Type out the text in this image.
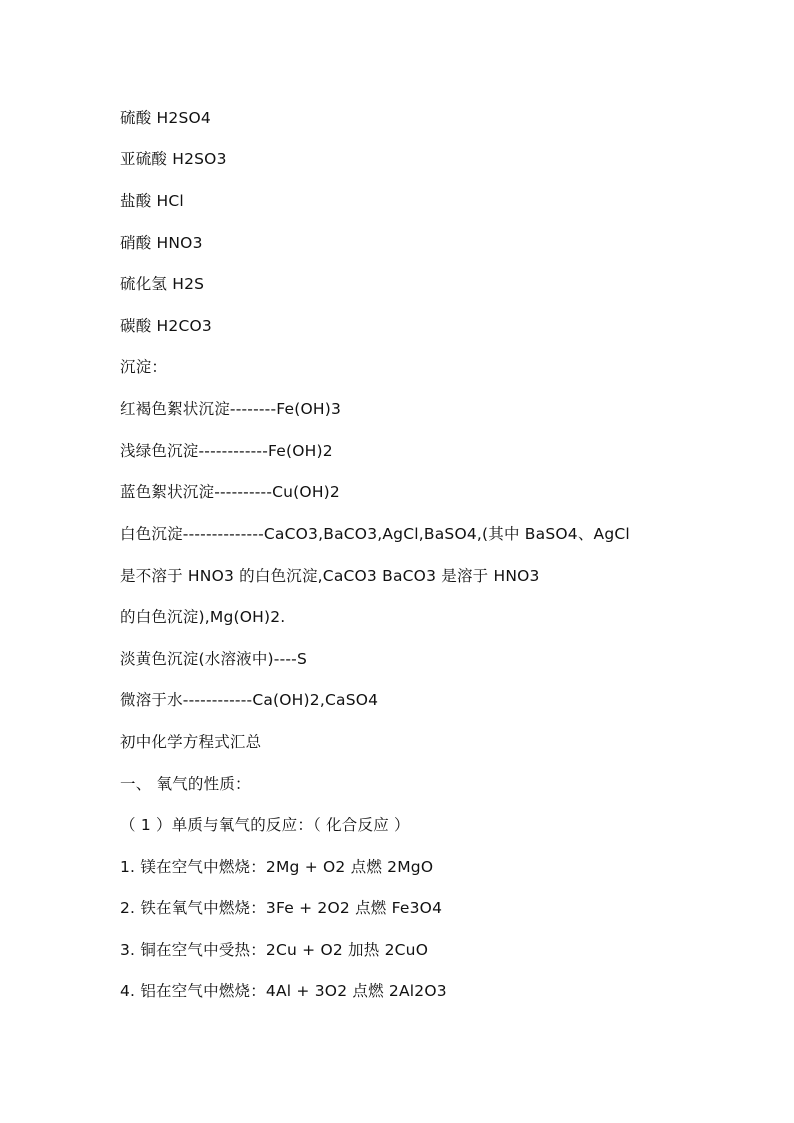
硫酸 H2SO4
亚硫酸 H2SO3
盐酸 HCl
硝酸 HNO3
硫化氢 H2S
碳酸 H2CO3
沉淀：
红褐色絮状沉淀--------Fe(OH)3
浅绿色沉淀------------Fe(OH)2
蓝色絮状沉淀----------Cu(OH)2
白色沉淀--------------CaCO3,BaCO3,AgCl,BaSO4,(其中 BaSO4、AgCl
是不溶于 HNO3 的白色沉淀,CaCO3 BaCO3 是溶于 HNO3
的白色沉淀),Mg(OH)2.
淡黄色沉淀(水溶液中)----S
微溶于水------------Ca(OH)2,CaSO4
初中化学方程式汇总
一、 氧气的性质：
（ 1 ）单质与氧气的反应：（ 化合反应 ）
1. 镁在空气中燃烧：2Mg + O2 点燃 2MgO
2. 铁在氧气中燃烧：3Fe + 2O2 点燃 Fe3O4
3. 铜在空气中受热：2Cu + O2 加热 2CuO
4. 铝在空气中燃烧：4Al + 3O2 点燃 2Al2O3
